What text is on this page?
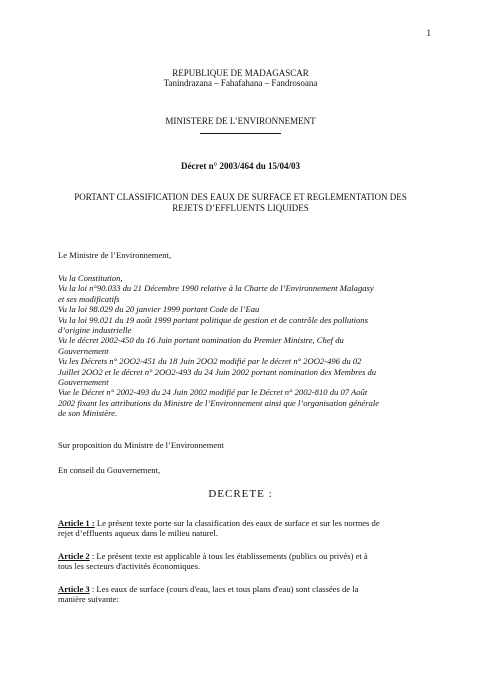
1
REPUBLIQUE DE MADAGASCAR
Tanindrazana – Fahafahana – Fandrosoana
MINISTERE DE L’ENVIRONNEMENT
Décret n° 2003/464 du 15/04/03
PORTANT CLASSIFICATION DES EAUX DE SURFACE ET REGLEMENTATION DES
REJETS D’EFFLUENTS LIQUIDES
Le Ministre de l’Environnement,
Vu la Constitution,
Vu la loi n°90.033 du 21 Décembre 1990 relative à la Charte de l’Environnement Malagasy
et ses modificatifs
Vu la loi 98.029 du 20 janvier 1999 portant Code de l’Eau
Vu la loi 99.021 du 19 août 1999 portant politique de gestion et de contrôle des pollutions
d’origine industrielle
Vu le décret 2002-450 du 16 Juin portant nomination du Premier Ministre, Chef du
Gouvernement
Vu les Décrets n° 2OO2-451 du 18 Juin 2OO2 modifié par le décret n° 2OO2-496 du 02
Juillet 2OO2 et le décret n° 2OO2-493 du 24 Juin 2002 portant nomination des Membres du
Gouvernement
Vue le Décret n° 2002-493 du 24 Juin 2002 modifié par le Décret n° 2002-810 du 07 Août
2002 fixant les attributions du Ministre de l’Environnement ainsi que l’organisation générale
de son Ministère.
Sur proposition du Ministre de l’Environnement
En conseil du Gouvernement,
DECRETE :
Article 1 : Le présent texte porte sur la classification des eaux de surface et sur les normes de
rejet d’effluents aqueux dans le milieu naturel.
Article 2 : Le présent texte est applicable à tous les établissements (publics ou privés) et à
tous les secteurs d'activités économiques.
Article 3 : Les eaux de surface (cours d'eau, lacs et tous plans d'eau) sont classées de la
manière suivante:
